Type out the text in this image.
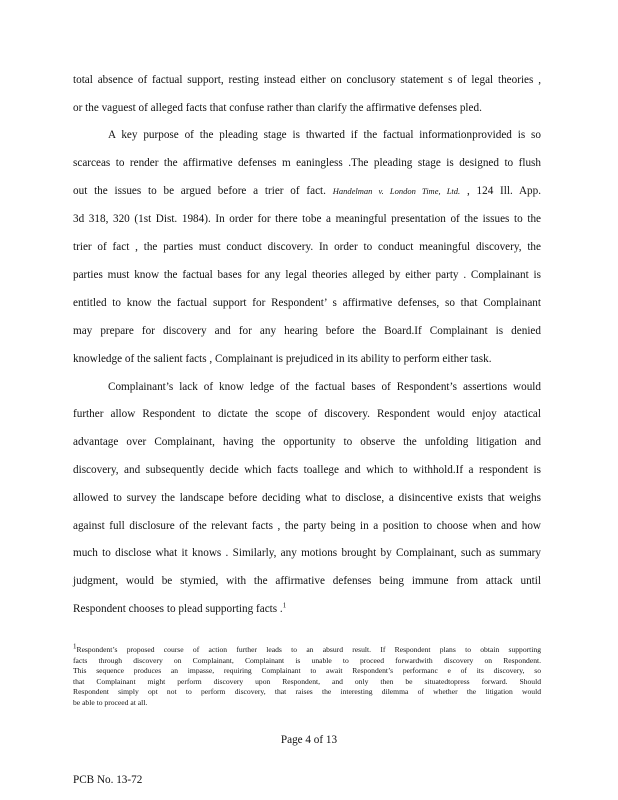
total absence of factual support, resting instead either on conclusory statement s of legal theories ,
or the vaguest of alleged facts that confuse rather than clarify the affirmative defenses pled.
A key purpose of the pleading stage is thwarted if the factual informationprovided is so
scarceas to render the affirmative defenses m eaningless .The pleading stage is designed to flush
out the issues to be argued before a trier of fact. Handelman v. London Time, Ltd. , 124 Ill. App.
3d 318, 320 (1st Dist. 1984). In order for there tobe a meaningful presentation of the issues to the
trier of fact , the parties must conduct discovery. In order to conduct meaningful discovery, the
parties must know the factual bases for any legal theories alleged by either party . Complainant is
entitled to know the factual support for Respondent’ s affirmative defenses, so that Complainant
may prepare for discovery and for any hearing before the Board.If Complainant is denied
knowledge of the salient facts , Complainant is prejudiced in its ability to perform either task.
Complainant’s lack of know ledge of the factual bases of Respondent’s assertions would
further allow Respondent to dictate the scope of discovery. Respondent would enjoy atactical
advantage over Complainant, having the opportunity to observe the unfolding litigation and
discovery, and subsequently decide which facts toallege and which to withhold.If a respondent is
allowed to survey the landscape before deciding what to disclose, a disincentive exists that weighs
against full disclosure of the relevant facts , the party being in a position to choose when and how
much to disclose what it knows . Similarly, any motions brought by Complainant, such as summary
judgment, would be stymied, with the affirmative defenses being immune from attack until
Respondent chooses to plead supporting facts .$^1$
$^1$Respondent’s proposed course of action further leads to an absurd result. If Respondent plans to obtain supporting
facts through discovery on Complainant, Complainant is unable to proceed forwardwith discovery on Respondent.
This sequence produces an impasse, requiring Complainant to await Respondent’s performanc e of its discovery, so
that Complainant might perform discovery upon Respondent, and only then be situatedtopress forward. Should
Respondent simply opt not to perform discovery, that raises the interesting dilemma of whether the litigation would
be able to proceed at all.
Page 4 of 13
PCB No. 13-72
